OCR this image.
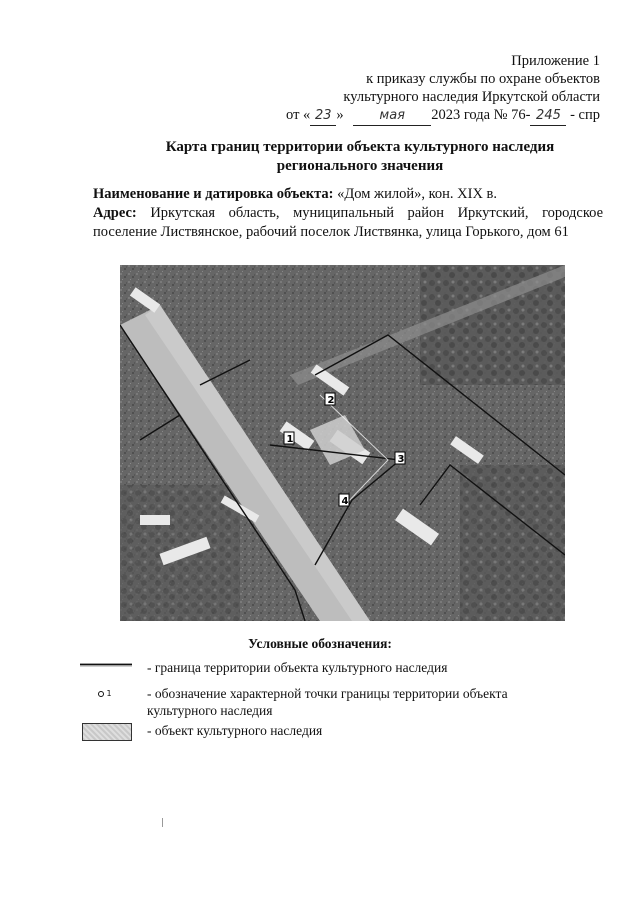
Приложение 1
к приказу службы по охране объектов
культурного наследия Иркутской области
от « 23 »	мая 2023 года № 76- 245 - спр
Карта границ территории объекта культурного наследия
регионального значения
Наименование и датировка объекта: «Дом жилой», кон. XIX в.
Адрес: Иркутская область, муниципальный район Иркутский, городское поселение Листвянское, рабочий поселок Листвянка, улица Горького, дом 61
1
2
3
4
Условные обозначения:
- граница территории объекта культурного наследия
1	- обозначение характерной точки границы территории объекта культурного наследия
- объект культурного наследия
